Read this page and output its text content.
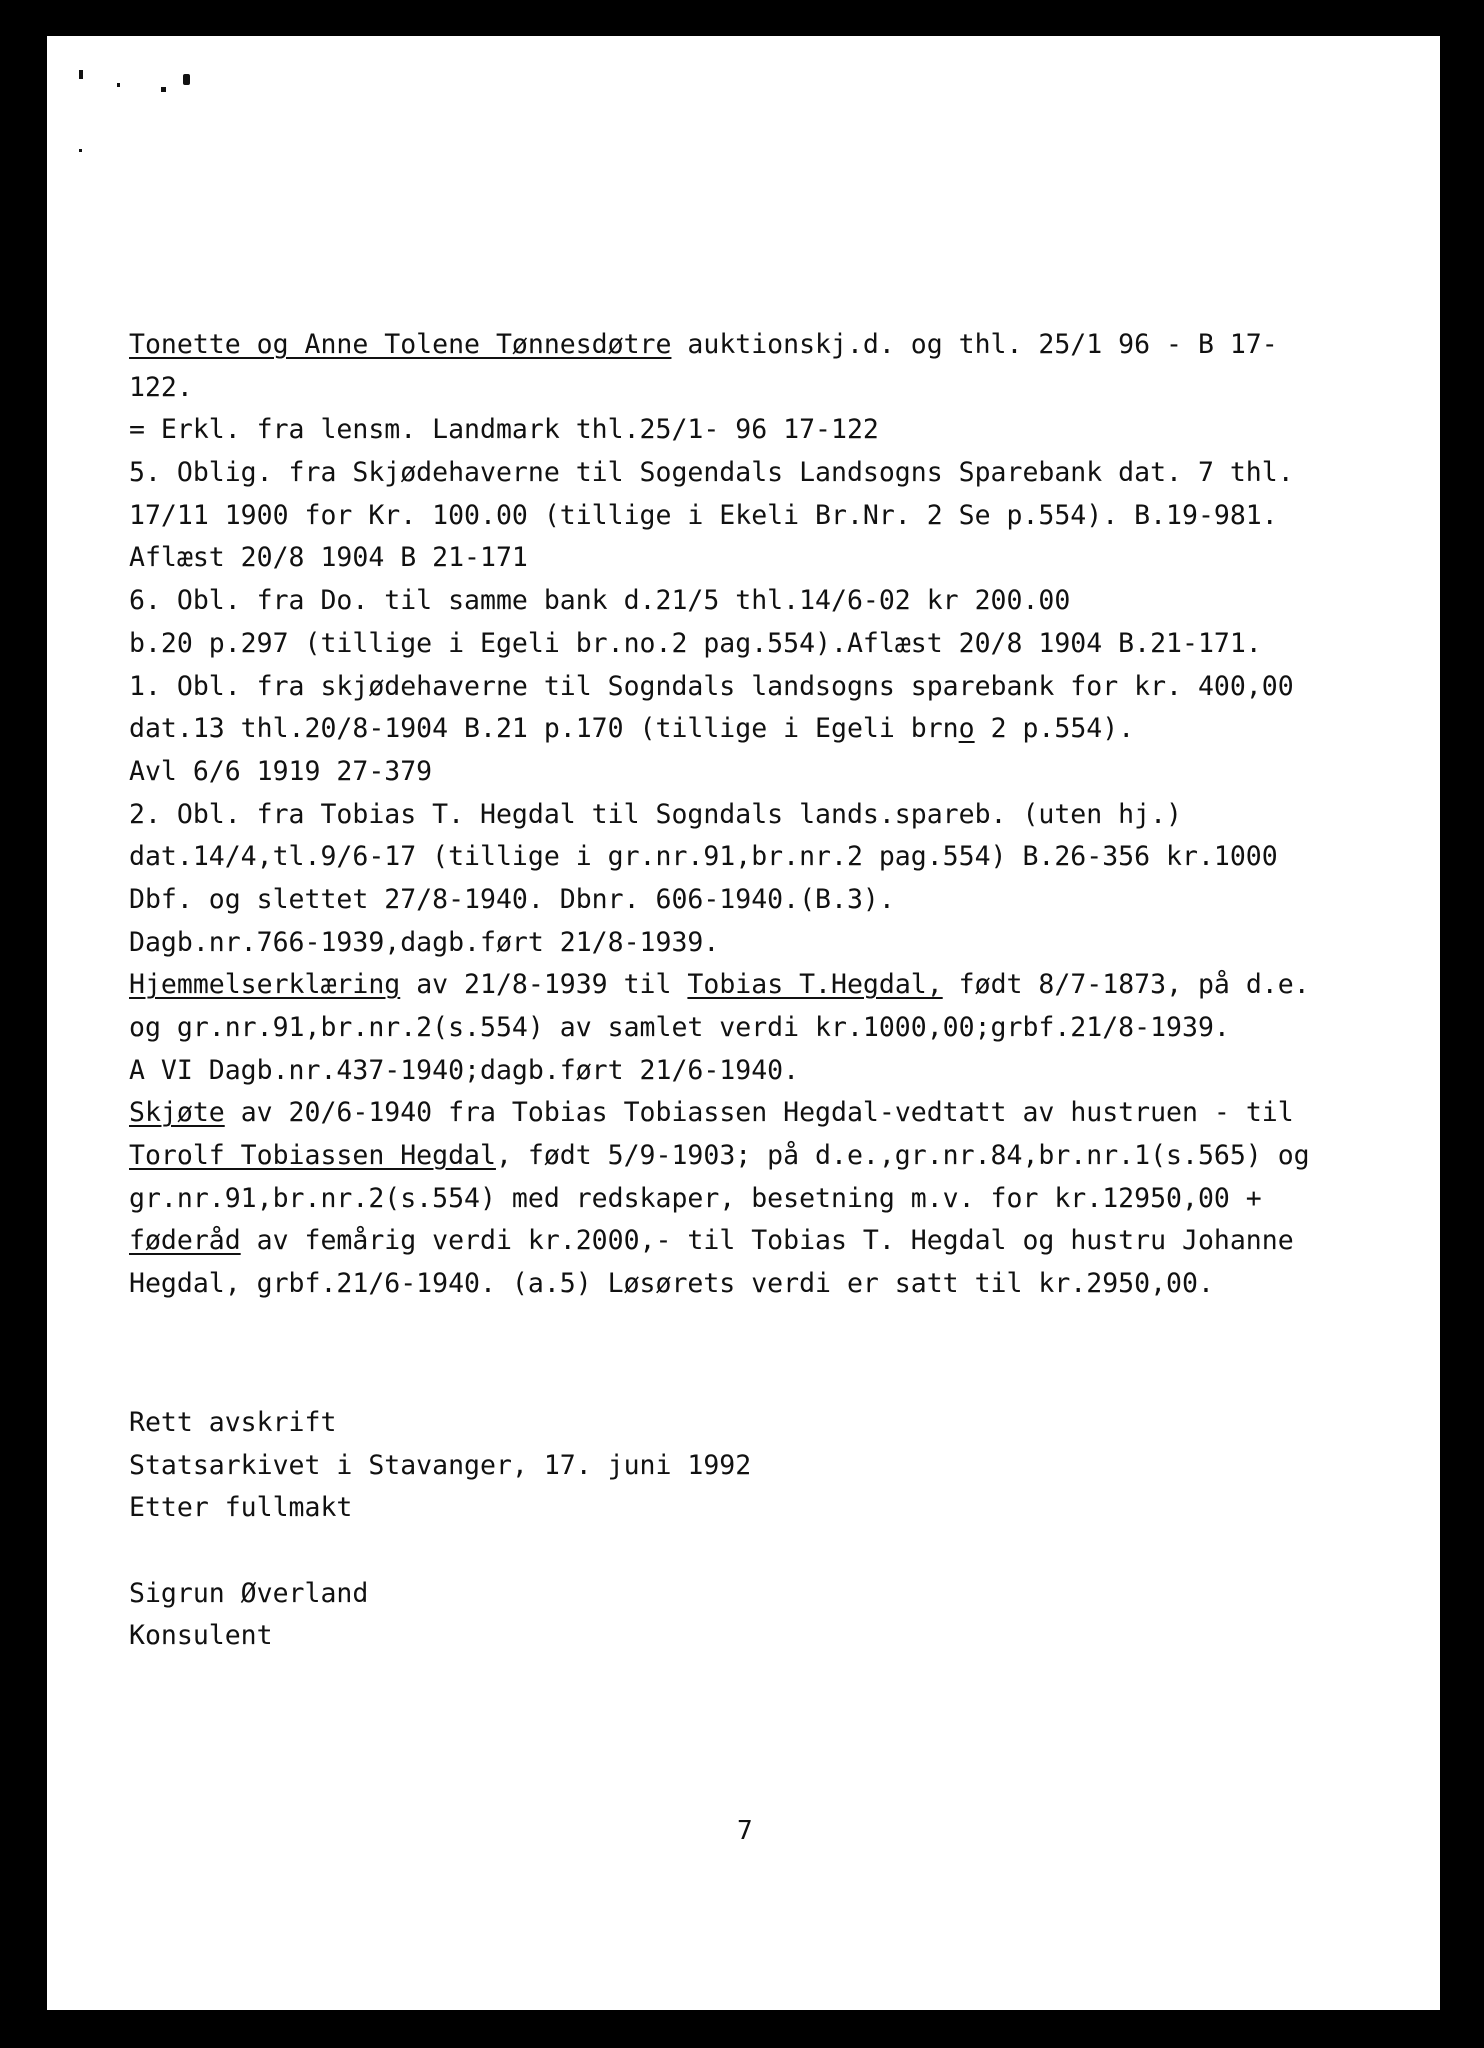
Tonette og Anne Tolene Tønnesdøtre auktionskj.d. og thl. 25/1 96 - B 17-
122.
= Erkl. fra lensm. Landmark thl.25/1- 96 17-122
5. Oblig. fra Skjødehaverne til Sogendals Landsogns Sparebank dat. 7 thl.
17/11 1900 for Kr. 100.00 (tillige i Ekeli Br.Nr. 2 Se p.554). B.19-981.
Aflæst 20/8 1904 B 21-171
6. Obl. fra Do. til samme bank d.21/5 thl.14/6-02 kr 200.00
b.20 p.297 (tillige i Egeli br.no.2 pag.554).Aflæst 20/8 1904 B.21-171.
1. Obl. fra skjødehaverne til Sogndals landsogns sparebank for kr. 400,00
dat.13 thl.20/8-1904 B.21 p.170 (tillige i Egeli brno 2 p.554).
Avl 6/6 1919 27-379
2. Obl. fra Tobias T. Hegdal til Sogndals lands.spareb. (uten hj.)
dat.14/4,tl.9/6-17 (tillige i gr.nr.91,br.nr.2 pag.554) B.26-356 kr.1000
Dbf. og slettet 27/8-1940. Dbnr. 606-1940.(B.3).
Dagb.nr.766-1939,dagb.ført 21/8-1939.
Hjemmelserklæring av 21/8-1939 til Tobias T.Hegdal, født 8/7-1873, på d.e.
og gr.nr.91,br.nr.2(s.554) av samlet verdi kr.1000,00;grbf.21/8-1939.
A VI Dagb.nr.437-1940;dagb.ført 21/6-1940.
Skjøte av 20/6-1940 fra Tobias Tobiassen Hegdal-vedtatt av hustruen - til
Torolf Tobiassen Hegdal, født 5/9-1903; på d.e.,gr.nr.84,br.nr.1(s.565) og
gr.nr.91,br.nr.2(s.554) med redskaper, besetning m.v. for kr.12950,00 +
føderåd av femårig verdi kr.2000,- til Tobias T. Hegdal og hustru Johanne
Hegdal, grbf.21/6-1940. (a.5) Løsørets verdi er satt til kr.2950,00.
Rett avskrift
Statsarkivet i Stavanger, 17. juni 1992
Etter fullmakt
Sigrun Øverland
Konsulent
7
